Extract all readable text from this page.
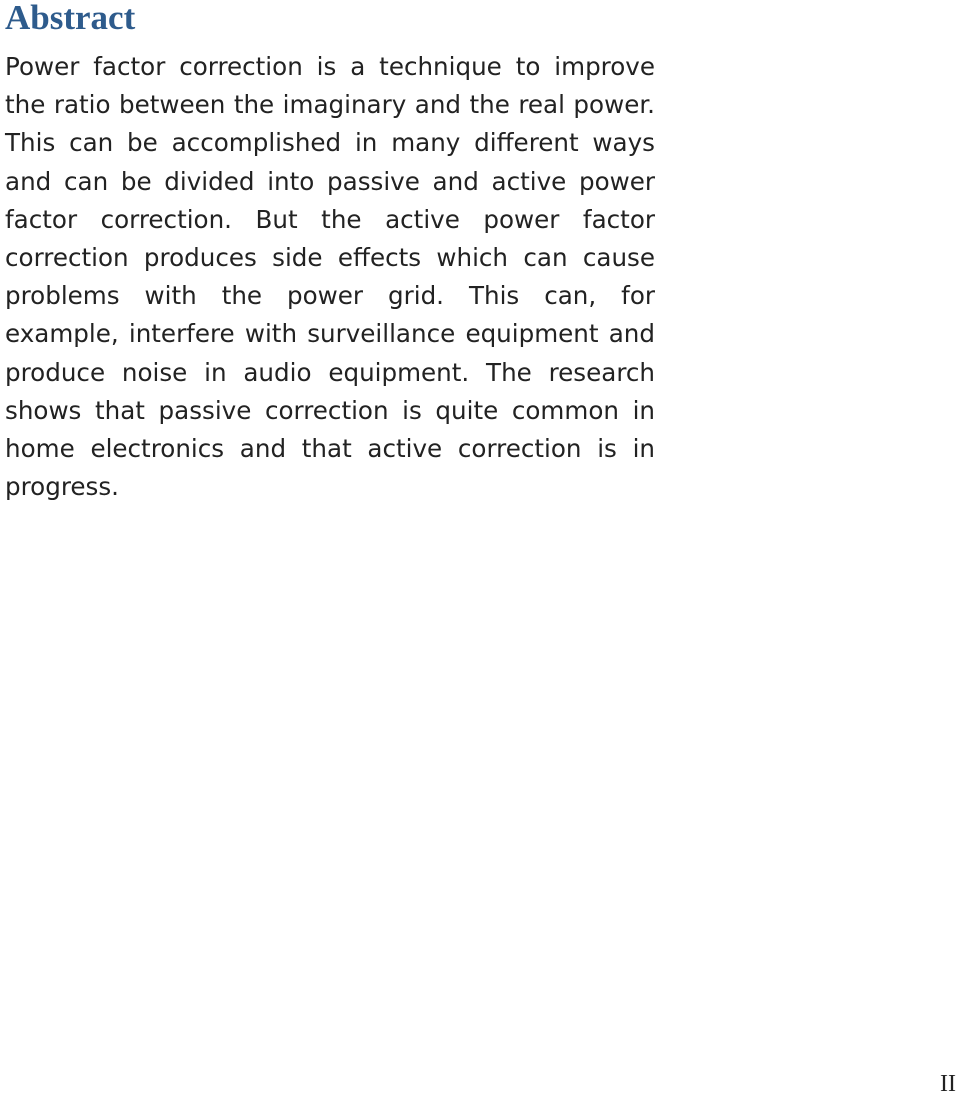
Abstract

Power factor correction is a technique to improve the ratio between the imaginary and the real power. This can be accomplished in many different ways and can be divided into passive and active power factor correction. But the active power factor correction produces side effects which can cause problems with the power grid. This can, for example, interfere with surveillance equipment and produce noise in audio equipment. The research shows that passive correction is quite common in home electronics and that active correction is in progress.

II
